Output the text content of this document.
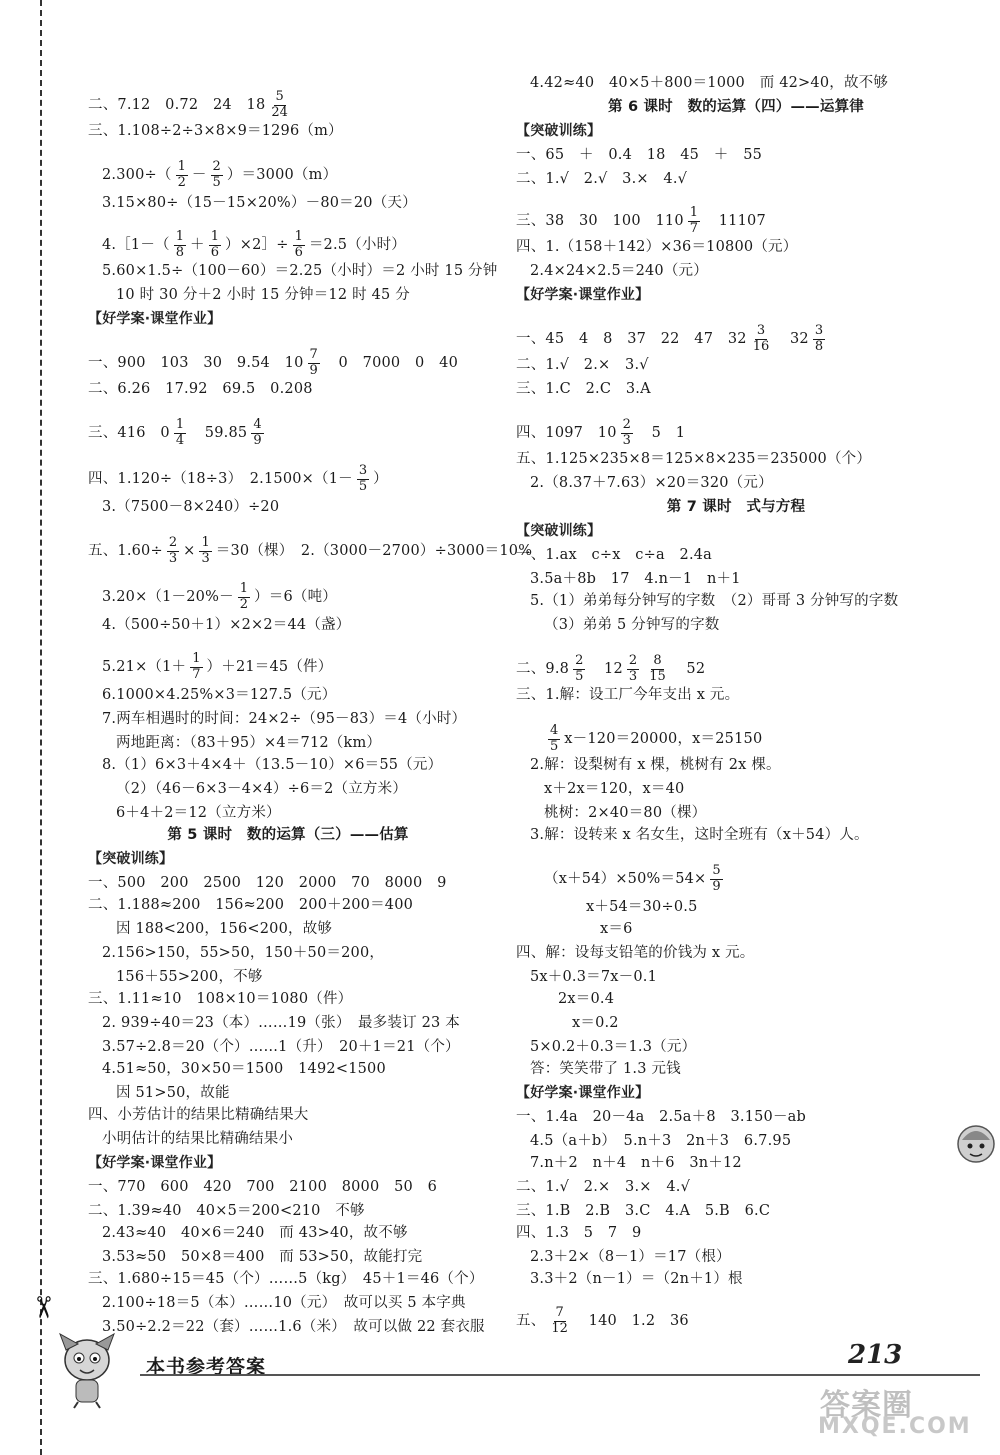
✂
二、7.12　0.72　24　$18 \frac{5}{24}$
三、1.108÷2÷3×8×9＝1296（m）
$2.300\div( \frac{1}{2} - \frac{2}{5} )=3000(m)$
3.15×80÷（15－15×20%）－80＝20（天）
4.［1－（ $\frac{1}{8} + \frac{1}{6}$ ）×2］÷ $\frac{1}{6} =2.5$（小时）
5.60×1.5÷（100－60）＝2.25（小时）＝2 小时 15 分钟
10 时 30 分＋2 小时 15 分钟＝12 时 45 分
【好学案·课堂作业】
一、900　103　30　9.54　$10 \frac{7}{9}$ 　0　7000　0　40
二、6.26　17.92　69.5　0.208
三、416　$0 \frac{1}{4}$ 　$59.85 \frac{4}{9}$
四、1.120÷（18÷3）　$2.1500\times(1- \frac{3}{5}$ ）
3.（7500－8×240）÷20
五、$1.60\div \frac{2}{3} \times \frac{1}{3} =30$（棵）　2.（3000－2700）÷3000＝10%
$3.20\times(1-20\%- \frac{1}{2} )=6$（吨）
4.（500÷50＋1）×2×2＝44（盏）
$5.21\times(1+ \frac{1}{7} )+21=45$（件）
6.1000×4.25%×3＝127.5（元）
7.两车相遇时的时间：24×2÷（95－83）＝4（小时）
两地距离：（83＋95）×4＝712（km）
8.（1）6×3＋4×4＋（13.5－10）×6＝55（元）
（2）（46－6×3－4×4）÷6＝2（立方米）
6＋4＋2＝12（立方米）
第 5 课时　数的运算（三）——估算
【突破训练】
一、500　200　2500　120　2000　70　8000　9
二、1.188≈200　156≈200　200＋200＝400
因 188<200，156<200，故够
2.156>150，55>50，150＋50＝200，
156＋55>200，不够
三、1.11≈10　108×10＝1080（件）
2. 939÷40＝23（本）……19（张）　最多装订 23 本
3.57÷2.8＝20（个）……1（升）　20＋1＝21（个）
4.51≈50，30×50＝1500　1492<1500
因 51>50，故能
四、小芳估计的结果比精确结果大
小明估计的结果比精确结果小
【好学案·课堂作业】
一、770　600　420　700　2100　8000　50　6
二、1.39≈40　40×5＝200<210　不够
2.43≈40　40×6＝240　而 43>40，故不够
3.53≈50　50×8＝400　而 53>50，故能打完
三、1.680÷15＝45（个）……5（kg）　45＋1＝46（个）
2.100÷18＝5（本）……10（元）　故可以买 5 本字典
3.50÷2.2＝22（套）……1.6（米）　故可以做 22 套衣服
4.42≈40　40×5＋800＝1000　而 42>40，故不够
第 6 课时　数的运算（四）——运算律
【突破训练】
一、65　＋　0.4　18　45　＋　55
二、1.√　2.√　3.×　4.√
三、38　30　100　$110 \frac{1}{7}$ 　11107
四、1.（158＋142）×36＝10800（元）
2.4×24×2.5＝240（元）
【好学案·课堂作业】
一、45　4　8　37　22　47　$32 \frac{3}{16}$ 　$32 \frac{3}{8}$
二、1.√　2.×　3.√
三、1.C　2.C　3.A
四、1097　$10 \frac{2}{3}$ 　5　1
五、1.125×235×8＝125×8×235＝235000（个）
2.（8.37＋7.63）×20＝320（元）
第 7 课时　式与方程
【突破训练】
一、1.ax　c÷x　c÷a　2.4a
3.5a＋8b　17　4.n－1　n＋1
5.（1）弟弟每分钟写的字数　（2）哥哥 3 分钟写的字数
（3）弟弟 5 分钟写的字数
二、$9.8 \frac{2}{5}$ 　$12 \frac{2}{3} \frac{8}{15}$ 　52
三、1.解：设工厂今年支出 x 元。
$\frac{4}{5} x-120=20000$，x＝25150
2.解：设梨树有 x 棵，桃树有 2x 棵。
x＋2x＝120，x＝40
桃树：2×40＝80（棵）
3.解：设转来 x 名女生，这时全班有（x＋54）人。
$(x+54)\times 50\%=54\times \frac{5}{9}$
x＋54＝30÷0.5
x＝6
四、解：设每支铅笔的价钱为 x 元。
5x＋0.3＝7x－0.1
2x＝0.4
x＝0.2
5×0.2＋0.3＝1.3（元）
答：笑笑带了 1.3 元钱
【好学案·课堂作业】
一、1.4a　20－4a　2.5a＋8　3.150－ab
4.5（a＋b）　5.n＋3　2n＋3　6.7.95
7.n＋2　n＋4　n＋6　3n＋12
二、1.√　2.×　3.×　4.√
三、1.B　2.B　3.C　4.A　5.B　6.C
四、1.3　5　7　9
2.3＋2×（8－1）＝17（根）
3.3＋2（n－1）＝（2n＋1）根
五、 $\frac{7}{12}$ 　140　1.2　36
本书参考答案	213
答案圈
MXQE.COM
